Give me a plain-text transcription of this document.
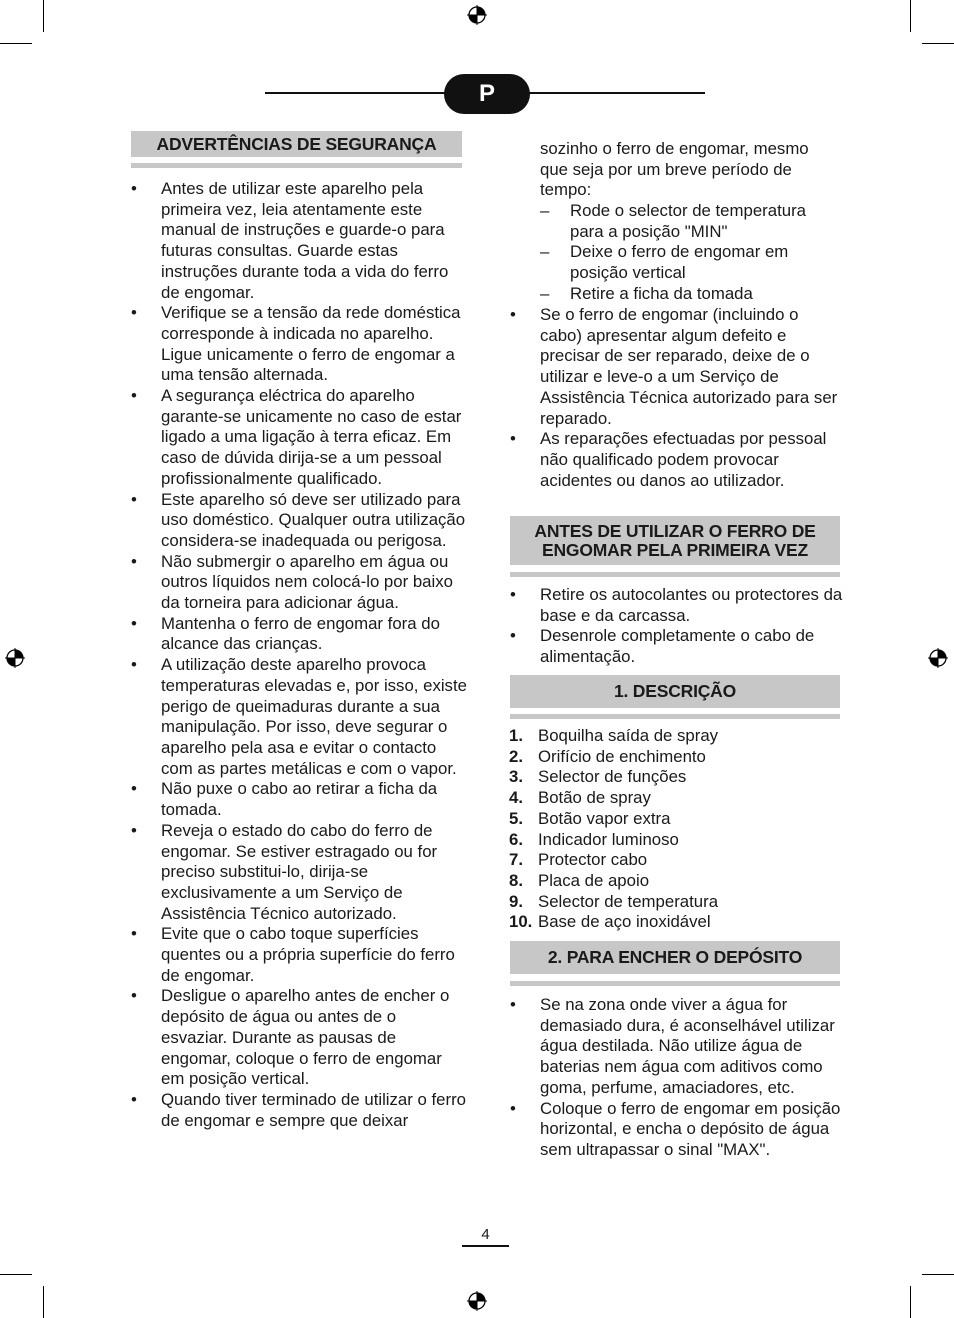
P
ADVERTÊNCIAS DE SEGURANÇA
•	Antes de utilizar este aparelho pela primeira vez, leia atentamente este manual de instruções e guarde-o para futuras consultas. Guarde estas instruções durante toda a vida do ferro de engomar.
•	Verifique se a tensão da rede doméstica corresponde à indicada no aparelho. Ligue unicamente o ferro de engomar a uma tensão alternada.
•	A segurança eléctrica do aparelho garante-se unicamente no caso de estar ligado a uma ligação à terra eficaz. Em caso de dúvida dirija-se a um pessoal profissionalmente qualificado.
•	Este aparelho só deve ser utilizado para uso doméstico. Qualquer outra utilização considera-se inadequada ou perigosa.
•	Não submergir o aparelho em água ou outros líquidos nem colocá-lo por baixo da torneira para adicionar água.
•	Mantenha o ferro de engomar fora do alcance das crianças.
•	A utilização deste aparelho provoca temperaturas elevadas e, por isso, existe perigo de queimaduras durante a sua manipulação. Por isso, deve segurar o aparelho pela asa e evitar o contacto com as partes metálicas e com o vapor.
•	Não puxe o cabo ao retirar a ficha da tomada.
•	Reveja o estado do cabo do ferro de engomar. Se estiver estragado ou for preciso substitui-lo, dirija-se exclusivamente a um Serviço de Assistência Técnico autorizado.
•	Evite que o cabo toque superfícies quentes ou a própria superfície do ferro de engomar.
•	Desligue o aparelho antes de encher o depósito de água ou antes de o esvaziar. Durante as pausas de engomar, coloque o ferro de engomar em posição vertical.
•	Quando tiver terminado de utilizar o ferro de engomar e sempre que deixar
sozinho o ferro de engomar, mesmo que seja por um breve período de tempo:
– Rode o selector de temperatura para a posição "MIN"
– Deixe o ferro de engomar em posição vertical
– Retire a ficha da tomada
•	Se o ferro de engomar (incluindo o cabo) apresentar algum defeito e precisar de ser reparado, deixe de o utilizar e leve-o a um Serviço de Assistência Técnica autorizado para ser reparado.
•	As reparações efectuadas por pessoal não qualificado podem provocar acidentes ou danos ao utilizador.
ANTES DE UTILIZAR O FERRO DE
ENGOMAR PELA PRIMEIRA VEZ
•	Retire os autocolantes ou protectores da base e da carcassa.
•	Desenrole completamente o cabo de alimentação.
1. DESCRIÇÃO
1. Boquilha saída de spray
2. Orifício de enchimento
3. Selector de funções
4. Botão de spray
5. Botão vapor extra
6. Indicador luminoso
7. Protector cabo
8. Placa de apoio
9. Selector de temperatura
10. Base de aço inoxidável
2. PARA ENCHER O DEPÓSITO
•	Se na zona onde viver a água for demasiado dura, é aconselhável utilizar água destilada. Não utilize água de baterias nem água com aditivos como goma, perfume, amaciadores, etc.
•	Coloque o ferro de engomar em posição horizontal, e encha o depósito de água sem ultrapassar o sinal "MAX".
4
